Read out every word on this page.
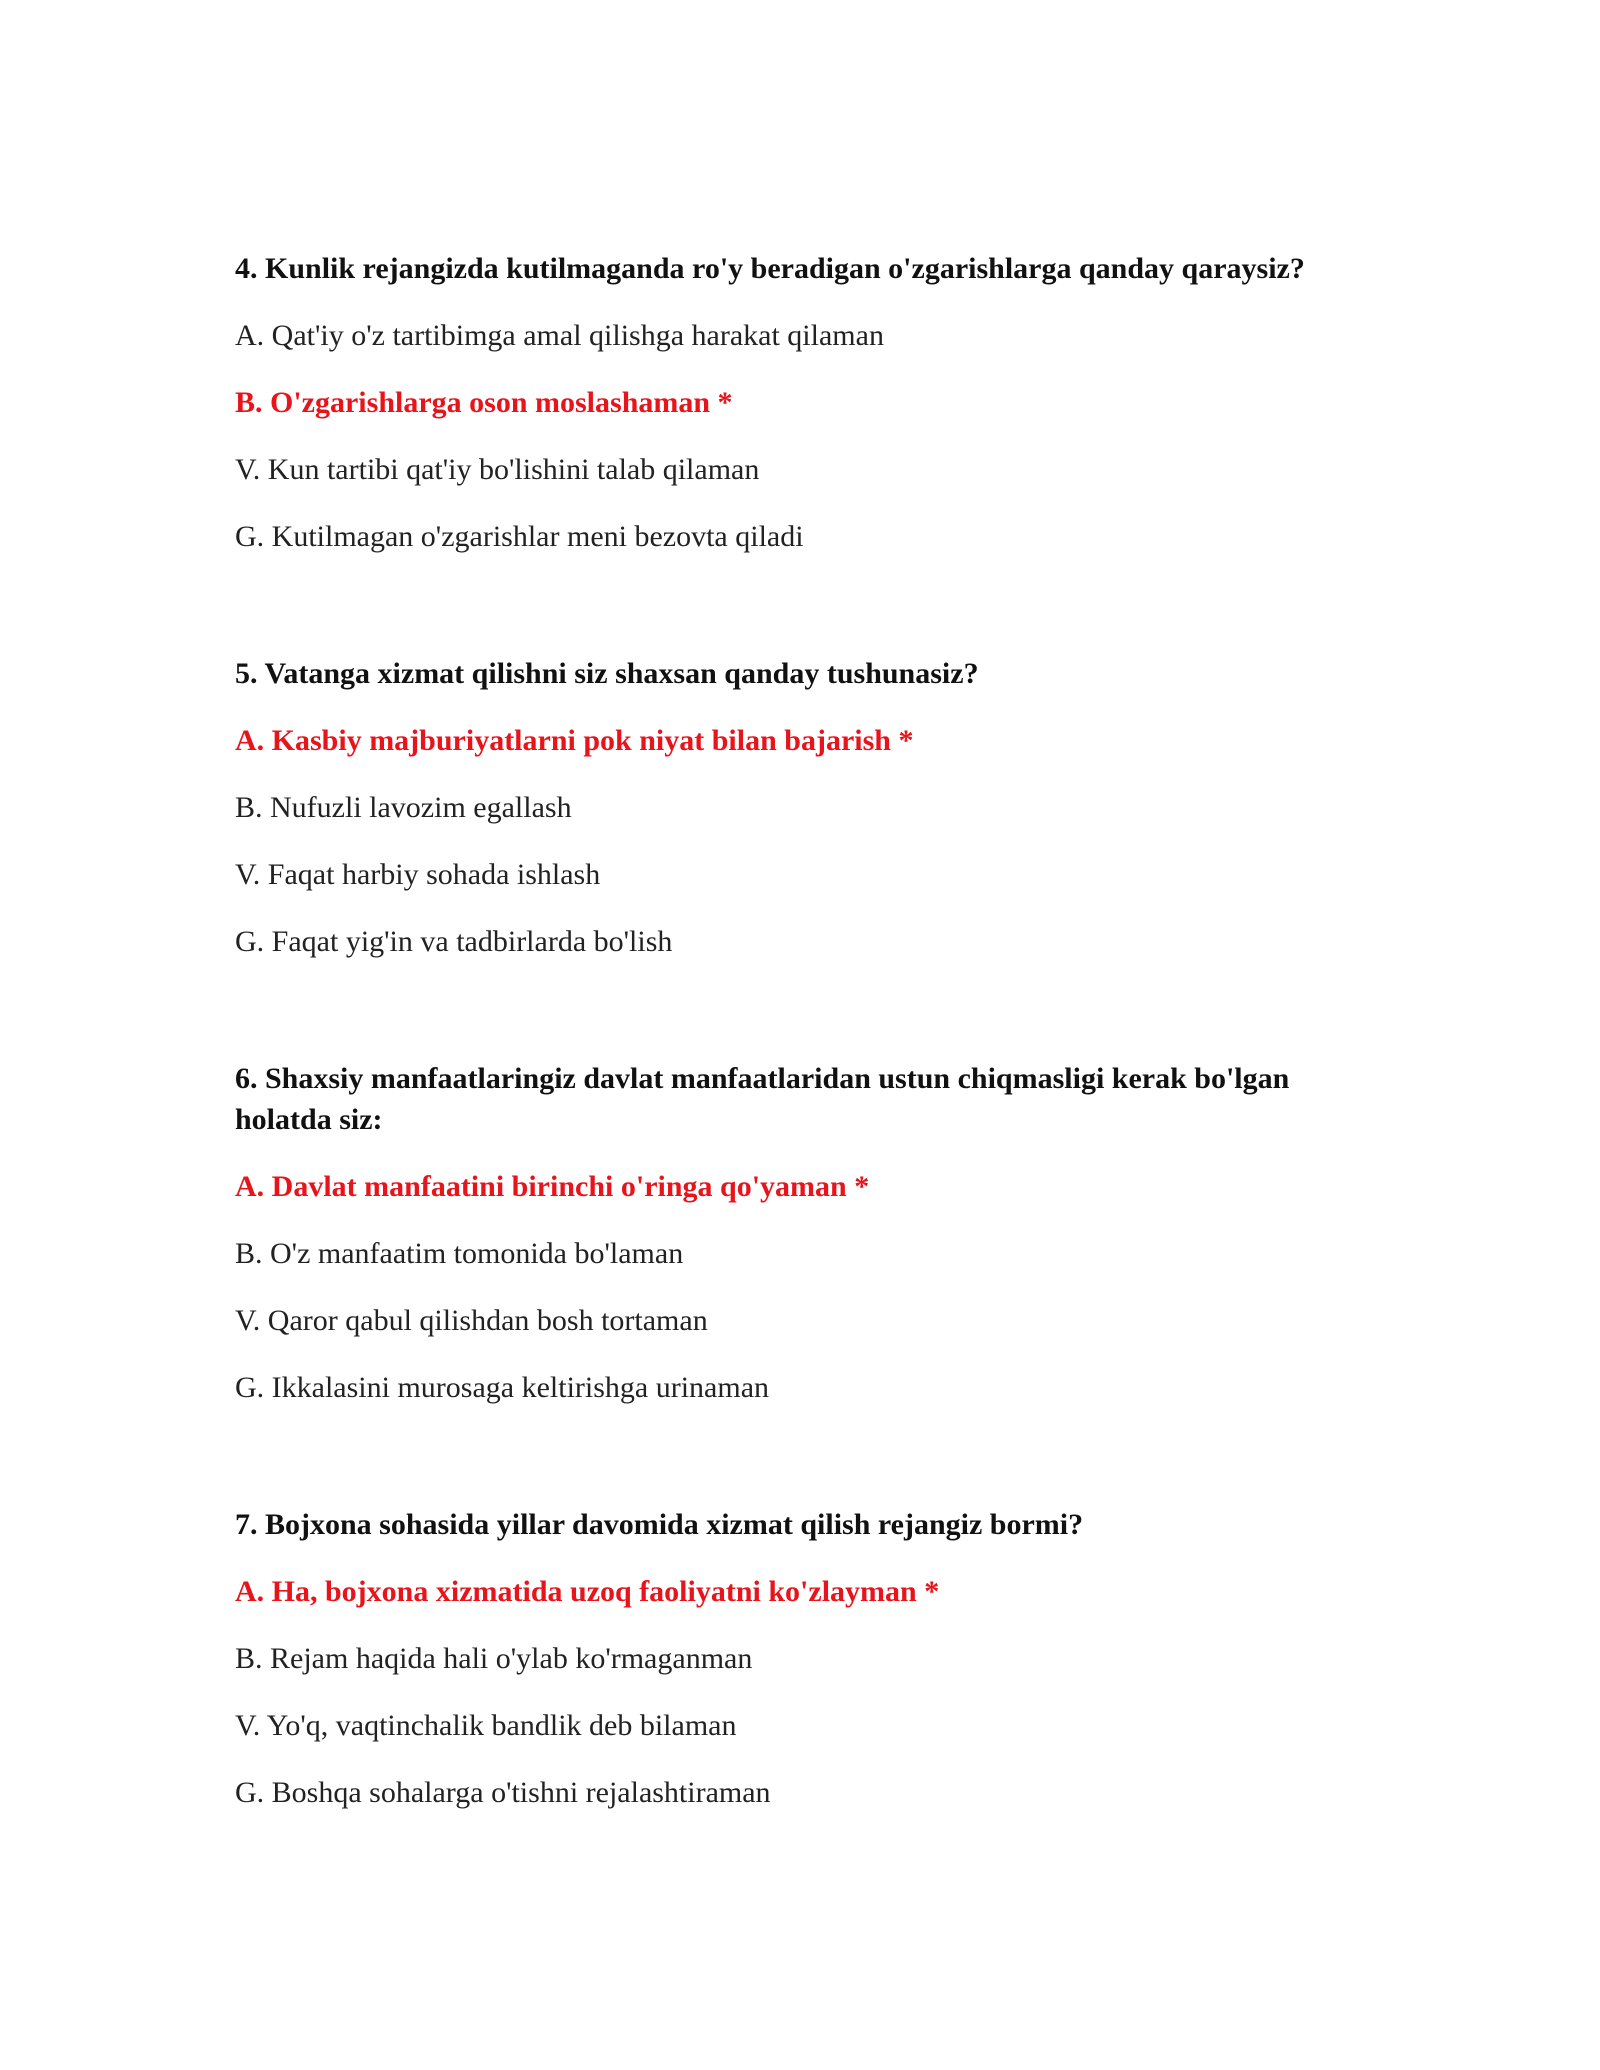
4. Kunlik rejangizda kutilmaganda ro'y beradigan o'zgarishlarga qanday qaraysiz?

A. Qat'iy o'z tartibimga amal qilishga harakat qilaman

B. O'zgarishlarga oson moslashaman *

V. Kun tartibi qat'iy bo'lishini talab qilaman

G. Kutilmagan o'zgarishlar meni bezovta qiladi

5. Vatanga xizmat qilishni siz shaxsan qanday tushunasiz?

A. Kasbiy majburiyatlarni pok niyat bilan bajarish *

B. Nufuzli lavozim egallash

V. Faqat harbiy sohada ishlash

G. Faqat yig'in va tadbirlarda bo'lish

6. Shaxsiy manfaatlaringiz davlat manfaatlaridan ustun chiqmasligi kerak bo'lgan holatda siz:

A. Davlat manfaatini birinchi o'ringa qo'yaman *

B. O'z manfaatim tomonida bo'laman

V. Qaror qabul qilishdan bosh tortaman

G. Ikkalasini murosaga keltirishga urinaman

7. Bojxona sohasida yillar davomida xizmat qilish rejangiz bormi?

A. Ha, bojxona xizmatida uzoq faoliyatni ko'zlayman *

B. Rejam haqida hali o'ylab ko'rmaganman

V. Yo'q, vaqtinchalik bandlik deb bilaman

G. Boshqa sohalarga o'tishni rejalashtiraman
